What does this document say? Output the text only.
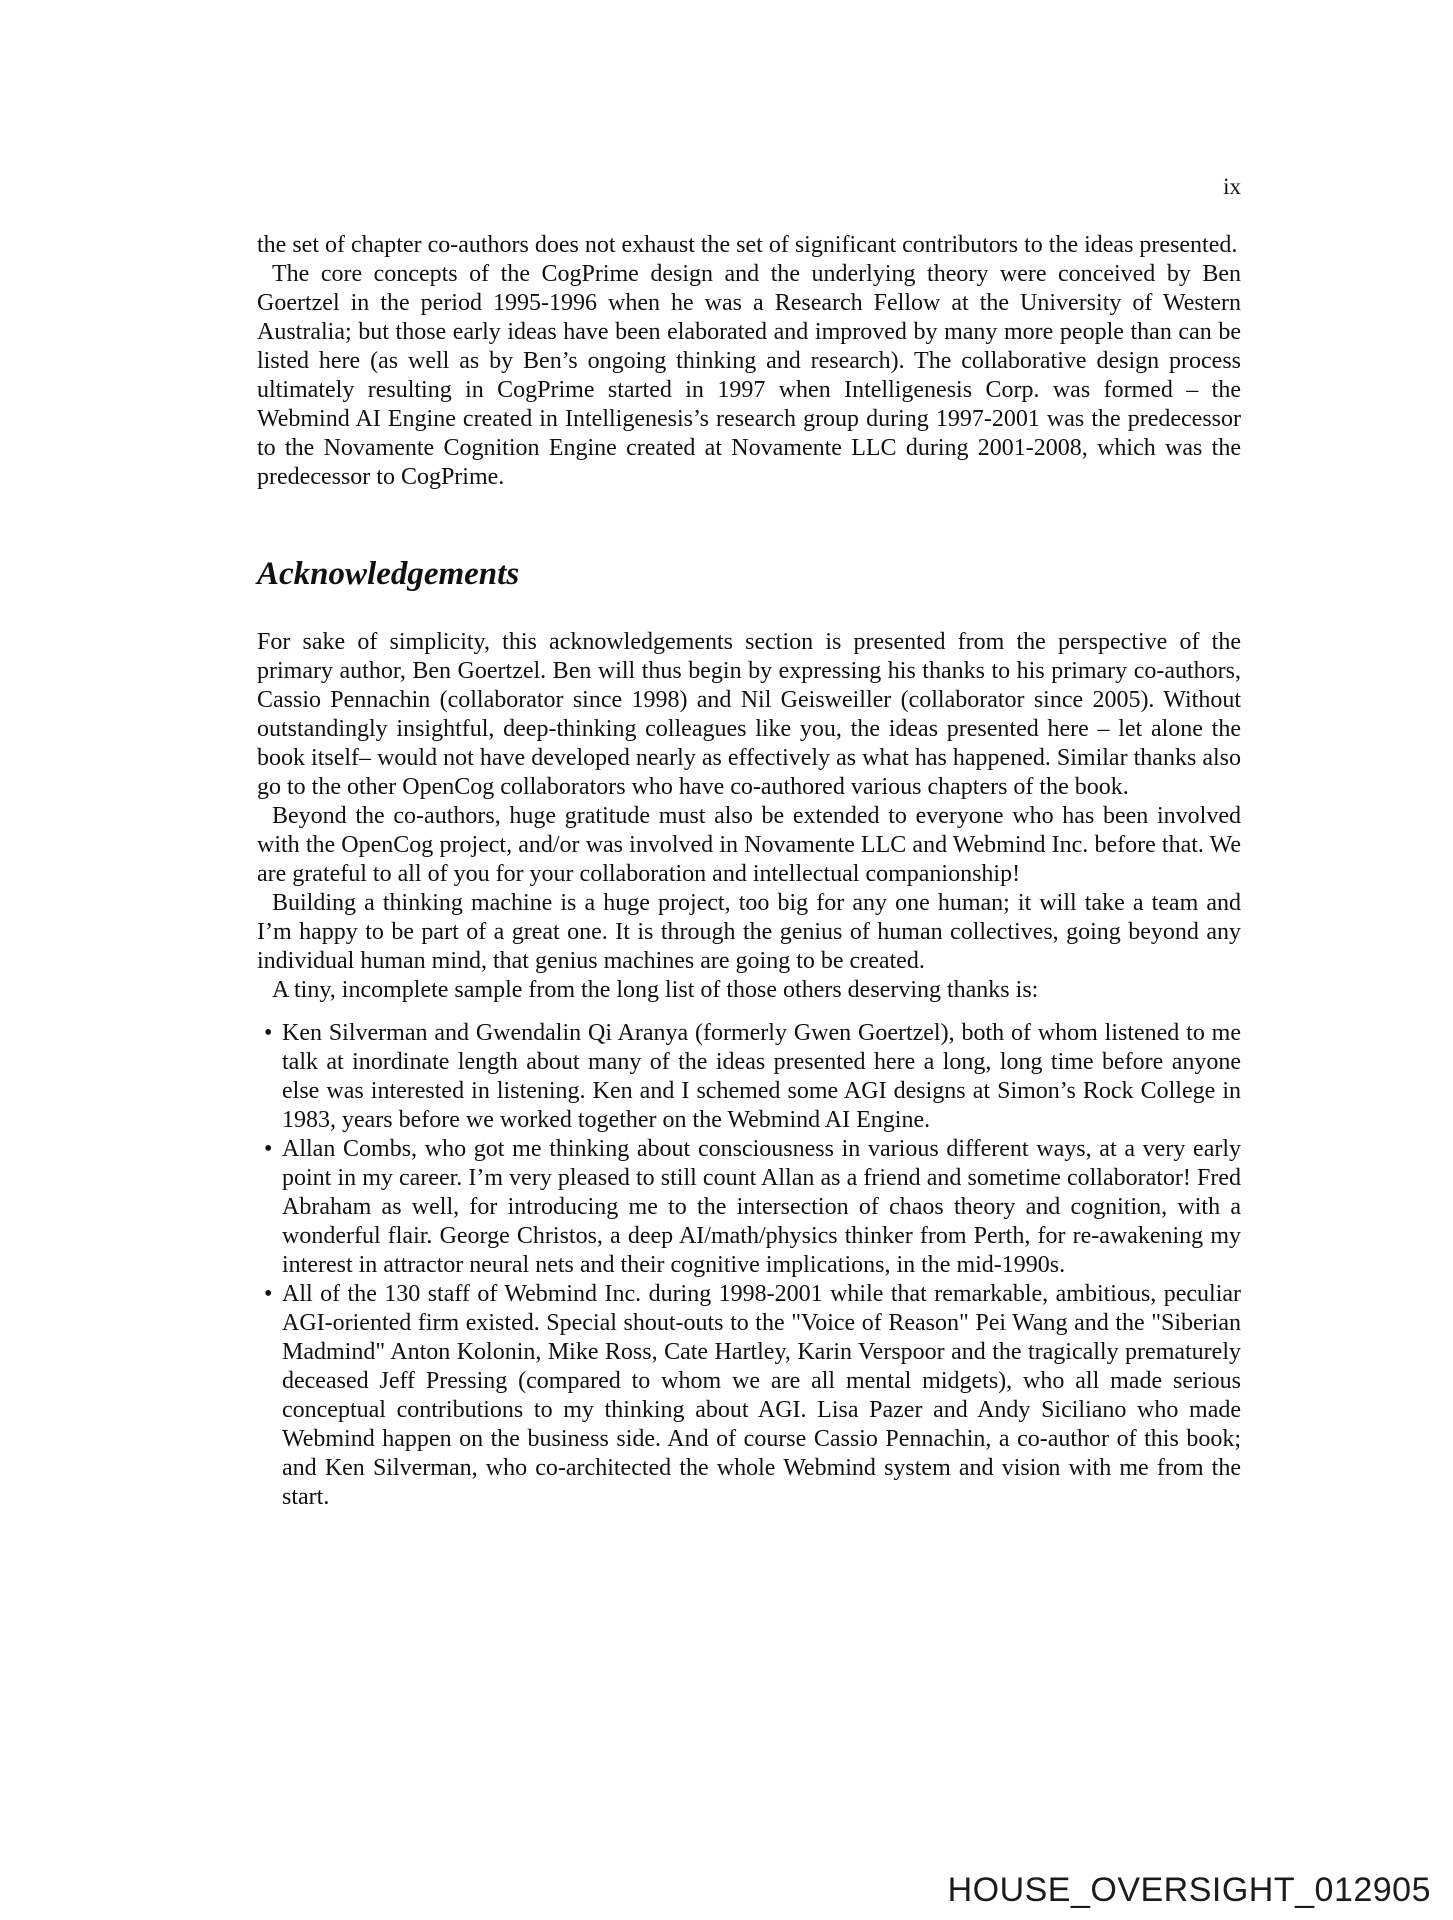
ix

the set of chapter co-authors does not exhaust the set of significant contributors to the ideas presented.

The core concepts of the CogPrime design and the underlying theory were conceived by Ben Goertzel in the period 1995-1996 when he was a Research Fellow at the University of Western Australia; but those early ideas have been elaborated and improved by many more people than can be listed here (as well as by Ben’s ongoing thinking and research). The collaborative design process ultimately resulting in CogPrime started in 1997 when Intelligenesis Corp. was formed – the Webmind AI Engine created in Intelligenesis’s research group during 1997-2001 was the predecessor to the Novamente Cognition Engine created at Novamente LLC during 2001-2008, which was the predecessor to CogPrime.

Acknowledgements

For sake of simplicity, this acknowledgements section is presented from the perspective of the primary author, Ben Goertzel. Ben will thus begin by expressing his thanks to his primary co-authors, Cassio Pennachin (collaborator since 1998) and Nil Geisweiller (collaborator since 2005). Without outstandingly insightful, deep-thinking colleagues like you, the ideas presented here – let alone the book itself– would not have developed nearly as effectively as what has happened. Similar thanks also go to the other OpenCog collaborators who have co-authored various chapters of the book.

Beyond the co-authors, huge gratitude must also be extended to everyone who has been involved with the OpenCog project, and/or was involved in Novamente LLC and Webmind Inc. before that. We are grateful to all of you for your collaboration and intellectual companionship!

Building a thinking machine is a huge project, too big for any one human; it will take a team and I’m happy to be part of a great one. It is through the genius of human collectives, going beyond any individual human mind, that genius machines are going to be created.

A tiny, incomplete sample from the long list of those others deserving thanks is:

• Ken Silverman and Gwendalin Qi Aranya (formerly Gwen Goertzel), both of whom listened to me talk at inordinate length about many of the ideas presented here a long, long time before anyone else was interested in listening. Ken and I schemed some AGI designs at Simon’s Rock College in 1983, years before we worked together on the Webmind AI Engine.
• Allan Combs, who got me thinking about consciousness in various different ways, at a very early point in my career. I’m very pleased to still count Allan as a friend and sometime collaborator! Fred Abraham as well, for introducing me to the intersection of chaos theory and cognition, with a wonderful flair. George Christos, a deep AI/math/physics thinker from Perth, for re-awakening my interest in attractor neural nets and their cognitive implications, in the mid-1990s.
• All of the 130 staff of Webmind Inc. during 1998-2001 while that remarkable, ambitious, peculiar AGI-oriented firm existed. Special shout-outs to the "Voice of Reason" Pei Wang and the "Siberian Madmind" Anton Kolonin, Mike Ross, Cate Hartley, Karin Verspoor and the tragically prematurely deceased Jeff Pressing (compared to whom we are all mental midgets), who all made serious conceptual contributions to my thinking about AGI. Lisa Pazer and Andy Siciliano who made Webmind happen on the business side. And of course Cassio Pennachin, a co-author of this book; and Ken Silverman, who co-architected the whole Webmind system and vision with me from the start.
HOUSE_OVERSIGHT_012905
